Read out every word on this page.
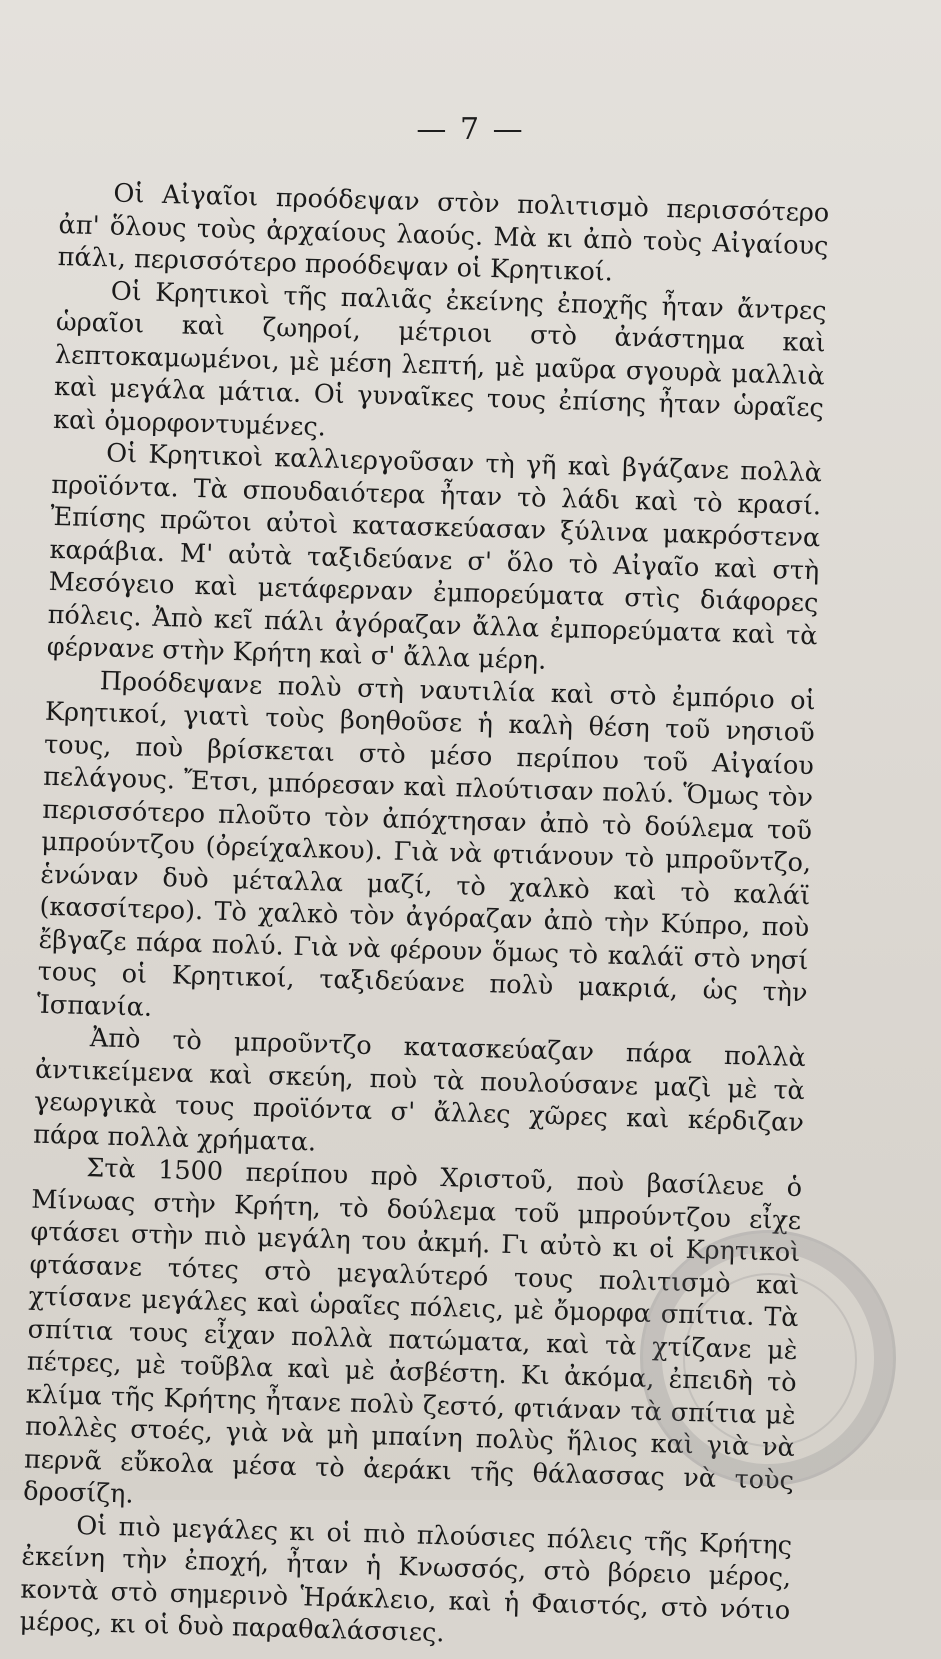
— 7 —

Οἱ Αἰγαῖοι προόδεψαν στὸν πολιτισμὸ περισσότερο ἀπ' ὅλους τοὺς ἀρχαίους λαούς. Μὰ κι ἀπὸ τοὺς Αἰγαίους πάλι, περισσότερο προόδεψαν οἱ Κρητικοί.

Οἱ Κρητικοὶ τῆς παλιᾶς ἐκείνης ἐποχῆς ἦταν ἄντρες ὡραῖοι καὶ ζωηροί, μέτριοι στὸ ἀνάστημα καὶ λεπτοκαμωμένοι, μὲ μέση λεπτή, μὲ μαῦρα σγουρὰ μαλλιὰ καὶ μεγάλα μάτια. Οἱ γυναῖκες τους ἐπίσης ἦταν ὡραῖες καὶ ὀμορφοντυμένες.

Οἱ Κρητικοὶ καλλιεργοῦσαν τὴ γῆ καὶ βγάζανε πολλὰ προϊόντα. Τὰ σπουδαιότερα ἦταν τὸ λάδι καὶ τὸ κρασί. Ἐπίσης πρῶτοι αὐτοὶ κατασκεύασαν ξύλινα μακρόστενα καράβια. Μ' αὐτὰ ταξιδεύανε σ' ὅλο τὸ Αἰγαῖο καὶ στὴ Μεσόγειο καὶ μετάφερναν ἐμπορεύματα στὶς διάφορες πόλεις. Ἀπὸ κεῖ πάλι ἀγόραζαν ἄλλα ἐμπορεύματα καὶ τὰ φέρνανε στὴν Κρήτη καὶ σ' ἄλλα μέρη.

Προόδεψανε πολὺ στὴ ναυτιλία καὶ στὸ ἐμπόριο οἱ Κρητικοί, γιατὶ τοὺς βοηθοῦσε ἡ καλὴ θέση τοῦ νησιοῦ τους, ποὺ βρίσκεται στὸ μέσο περίπου τοῦ Αἰγαίου πελάγους. Ἔτσι, μπόρεσαν καὶ πλούτισαν πολύ. Ὅμως τὸν περισσότερο πλοῦτο τὸν ἀπόχτησαν ἀπὸ τὸ δούλεμα τοῦ μπρούντζου (ὀρείχαλκου). Γιὰ νὰ φτιάνουν τὸ μπροῦντζο, ἑνώναν δυὸ μέταλλα μαζί, τὸ χαλκὸ καὶ τὸ καλάϊ (κασσίτερο). Τὸ χαλκὸ τὸν ἀγόραζαν ἀπὸ τὴν Κύπρο, ποὺ ἔβγαζε πάρα πολύ. Γιὰ νὰ φέρουν ὅμως τὸ καλάϊ στὸ νησί τους οἱ Κρητικοί, ταξιδεύανε πολὺ μακριά, ὡς τὴν Ἱσπανία.

Ἀπὸ τὸ μπροῦντζο κατασκεύαζαν πάρα πολλὰ ἀντικείμενα καὶ σκεύη, ποὺ τὰ πουλούσανε μαζὶ μὲ τὰ γεωργικὰ τους προϊόντα σ' ἄλλες χῶρες καὶ κέρδιζαν πάρα πολλὰ χρήματα.

Στὰ 1500 περίπου πρὸ Χριστοῦ, ποὺ βασίλευε ὁ Μίνωας στὴν Κρήτη, τὸ δούλεμα τοῦ μπρούντζου εἶχε φτάσει στὴν πιὸ μεγάλη του ἀκμή. Γι αὐτὸ κι οἱ Κρητικοὶ φτάσανε τότες στὸ μεγαλύτερό τους πολιτισμὸ καὶ χτίσανε μεγάλες καὶ ὡραῖες πόλεις, μὲ ὄμορφα σπίτια. Τὰ σπίτια τους εἶχαν πολλὰ πατώματα, καὶ τὰ χτίζανε μὲ πέτρες, μὲ τοῦβλα καὶ μὲ ἀσβέστη. Κι ἀκόμα, ἐπειδὴ τὸ κλίμα τῆς Κρήτης ἦτανε πολὺ ζεστό, φτιάναν τὰ σπίτια μὲ πολλὲς στοές, γιὰ νὰ μὴ μπαίνη πολὺς ἥλιος καὶ γιὰ νὰ περνᾶ εὔκολα μέσα τὸ ἀεράκι τῆς θάλασσας νὰ τοὺς δροσίζη.

Οἱ πιὸ μεγάλες κι οἱ πιὸ πλούσιες πόλεις τῆς Κρήτης ἐκείνη τὴν ἐποχή, ἦταν ἡ Κνωσσός, στὸ βόρειο μέρος, κοντὰ στὸ σημερινὸ Ἡράκλειο, καὶ ἡ Φαιστός, στὸ νότιο μέρος, κι οἱ δυὸ παραθαλάσσιες.
